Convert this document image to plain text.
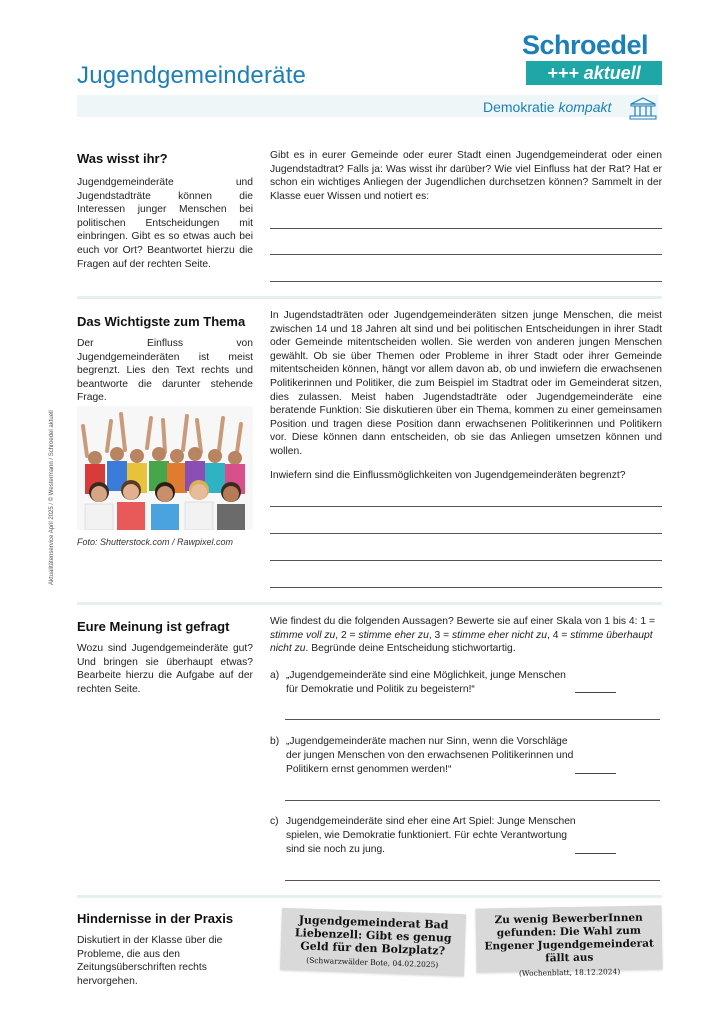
Jugendgemeinderäte
Schroedel
+++ aktuell
Demokratie kompakt
Aktualitätenservice April 2025 / © Westermann / Schroedel aktuell
Was wisst ihr?
Jugendgemeinderäte und Jugendstadträte können die Interessen junger Menschen bei politischen Entscheidungen mit einbringen. Gibt es so etwas auch bei euch vor Ort? Beantwortet hierzu die Fragen auf der rechten Seite.
Gibt es in eurer Gemeinde oder eurer Stadt einen Jugendgemeinderat oder einen Jugendstadtrat? Falls ja: Was wisst ihr darüber? Wie viel Einfluss hat der Rat? Hat er schon ein wichtiges Anliegen der Jugendlichen durchsetzen können? Sammelt in der Klasse euer Wissen und notiert es:
Das Wichtigste zum Thema
Der Einfluss von Jugendgemeinderäten ist meist begrenzt. Lies den Text rechts und beantworte die darunter stehende Frage.
Foto: Shutterstock.com / Rawpixel.com
In Jugendstadträten oder Jugendgemeinderäten sitzen junge Menschen, die meist zwischen 14 und 18 Jahren alt sind und bei politischen Entscheidungen in ihrer Stadt oder Gemeinde mitentscheiden wollen. Sie werden von anderen jungen Menschen gewählt. Ob sie über Themen oder Probleme in ihrer Stadt oder ihrer Gemeinde mitentscheiden können, hängt vor allem davon ab, ob und inwiefern die erwachsenen Politikerinnen und Politiker, die zum Beispiel im Stadtrat oder im Gemeinderat sitzen, dies zulassen. Meist haben Jugendstadträte oder Jugendgemeinderäte eine beratende Funktion: Sie diskutieren über ein Thema, kommen zu einer gemeinsamen Position und tragen diese Position dann erwachsenen Politikerinnen und Politikern vor. Diese können dann entscheiden, ob sie das Anliegen umsetzen können und wollen.
Inwiefern sind die Einflussmöglichkeiten von Jugendgemeinderäten begrenzt?
Eure Meinung ist gefragt
Wozu sind Jugendgemeinderäte gut? Und bringen sie überhaupt etwas? Bearbeite hierzu die Aufgabe auf der rechten Seite.
Wie findest du die folgenden Aussagen? Bewerte sie auf einer Skala von 1 bis 4: 1 = stimme voll zu, 2 = stimme eher zu, 3 = stimme eher nicht zu, 4 = stimme überhaupt nicht zu. Begründe deine Entscheidung stichwortartig.
a) „Jugendgemeinderäte sind eine Möglichkeit, junge Menschen für Demokratie und Politik zu begeistern!“
b) „Jugendgemeinderäte machen nur Sinn, wenn die Vorschläge der jungen Menschen von den erwachsenen Politikerinnen und Politikern ernst genommen werden!“
c) Jugendgemeinderäte sind eher eine Art Spiel: Junge Menschen spielen, wie Demokratie funktioniert. Für echte Verantwortung sind sie noch zu jung.
Hindernisse in der Praxis
Diskutiert in der Klasse über die Probleme, die aus den Zeitungsüberschriften rechts hervorgehen.
Jugendgemeinderat Bad Liebenzell: Gibt es genug Geld für den Bolzplatz?
(Schwarzwälder Bote, 04.02.2025)
Zu wenig BewerberInnen gefunden: Die Wahl zum Engener Jugendgemeinderat fällt aus
(Wochenblatt, 18.12.2024)
